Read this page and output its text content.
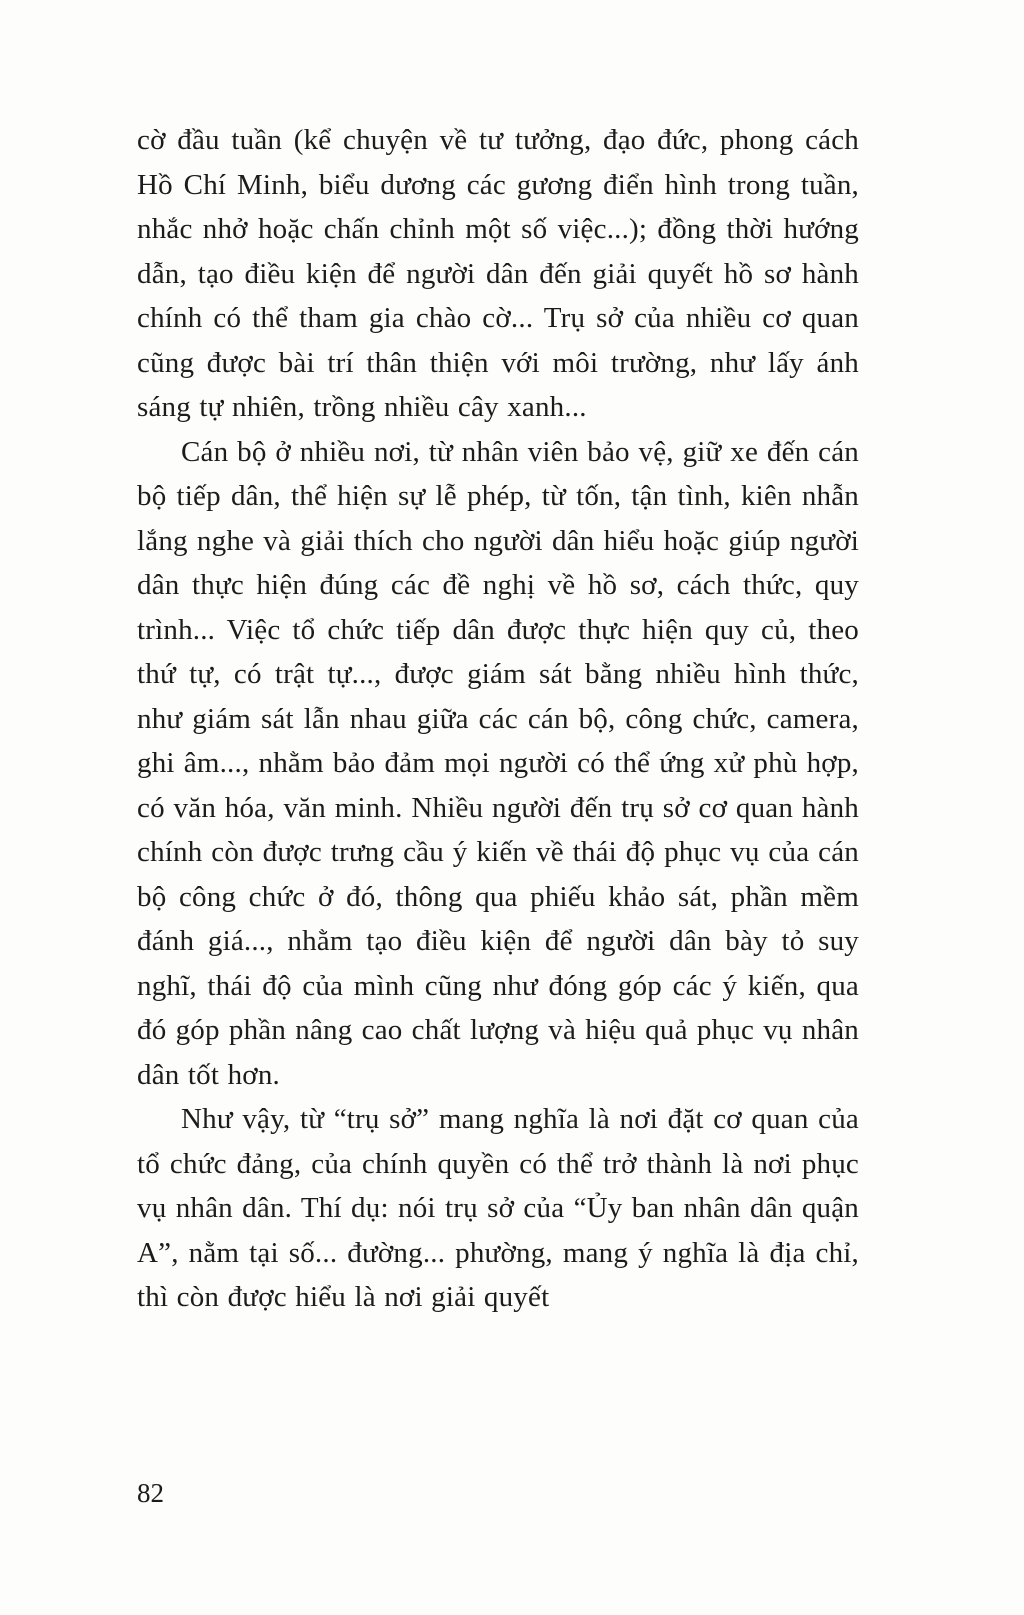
cờ đầu tuần (kể chuyện về tư tưởng, đạo đức, phong cách Hồ Chí Minh, biểu dương các gương điển hình trong tuần, nhắc nhở hoặc chấn chỉnh một số việc...); đồng thời hướng dẫn, tạo điều kiện để người dân đến giải quyết hồ sơ hành chính có thể tham gia chào cờ... Trụ sở của nhiều cơ quan cũng được bài trí thân thiện với môi trường, như lấy ánh sáng tự nhiên, trồng nhiều cây xanh...

Cán bộ ở nhiều nơi, từ nhân viên bảo vệ, giữ xe đến cán bộ tiếp dân, thể hiện sự lễ phép, từ tốn, tận tình, kiên nhẫn lắng nghe và giải thích cho người dân hiểu hoặc giúp người dân thực hiện đúng các đề nghị về hồ sơ, cách thức, quy trình... Việc tổ chức tiếp dân được thực hiện quy củ, theo thứ tự, có trật tự..., được giám sát bằng nhiều hình thức, như giám sát lẫn nhau giữa các cán bộ, công chức, camera, ghi âm..., nhằm bảo đảm mọi người có thể ứng xử phù hợp, có văn hóa, văn minh. Nhiều người đến trụ sở cơ quan hành chính còn được trưng cầu ý kiến về thái độ phục vụ của cán bộ công chức ở đó, thông qua phiếu khảo sát, phần mềm đánh giá..., nhằm tạo điều kiện để người dân bày tỏ suy nghĩ, thái độ của mình cũng như đóng góp các ý kiến, qua đó góp phần nâng cao chất lượng và hiệu quả phục vụ nhân dân tốt hơn.

Như vậy, từ “trụ sở” mang nghĩa là nơi đặt cơ quan của tổ chức đảng, của chính quyền có thể trở thành là nơi phục vụ nhân dân. Thí dụ: nói trụ sở của “Ủy ban nhân dân quận A”, nằm tại số... đường... phường, mang ý nghĩa là địa chỉ, thì còn được hiểu là nơi giải quyết

82
